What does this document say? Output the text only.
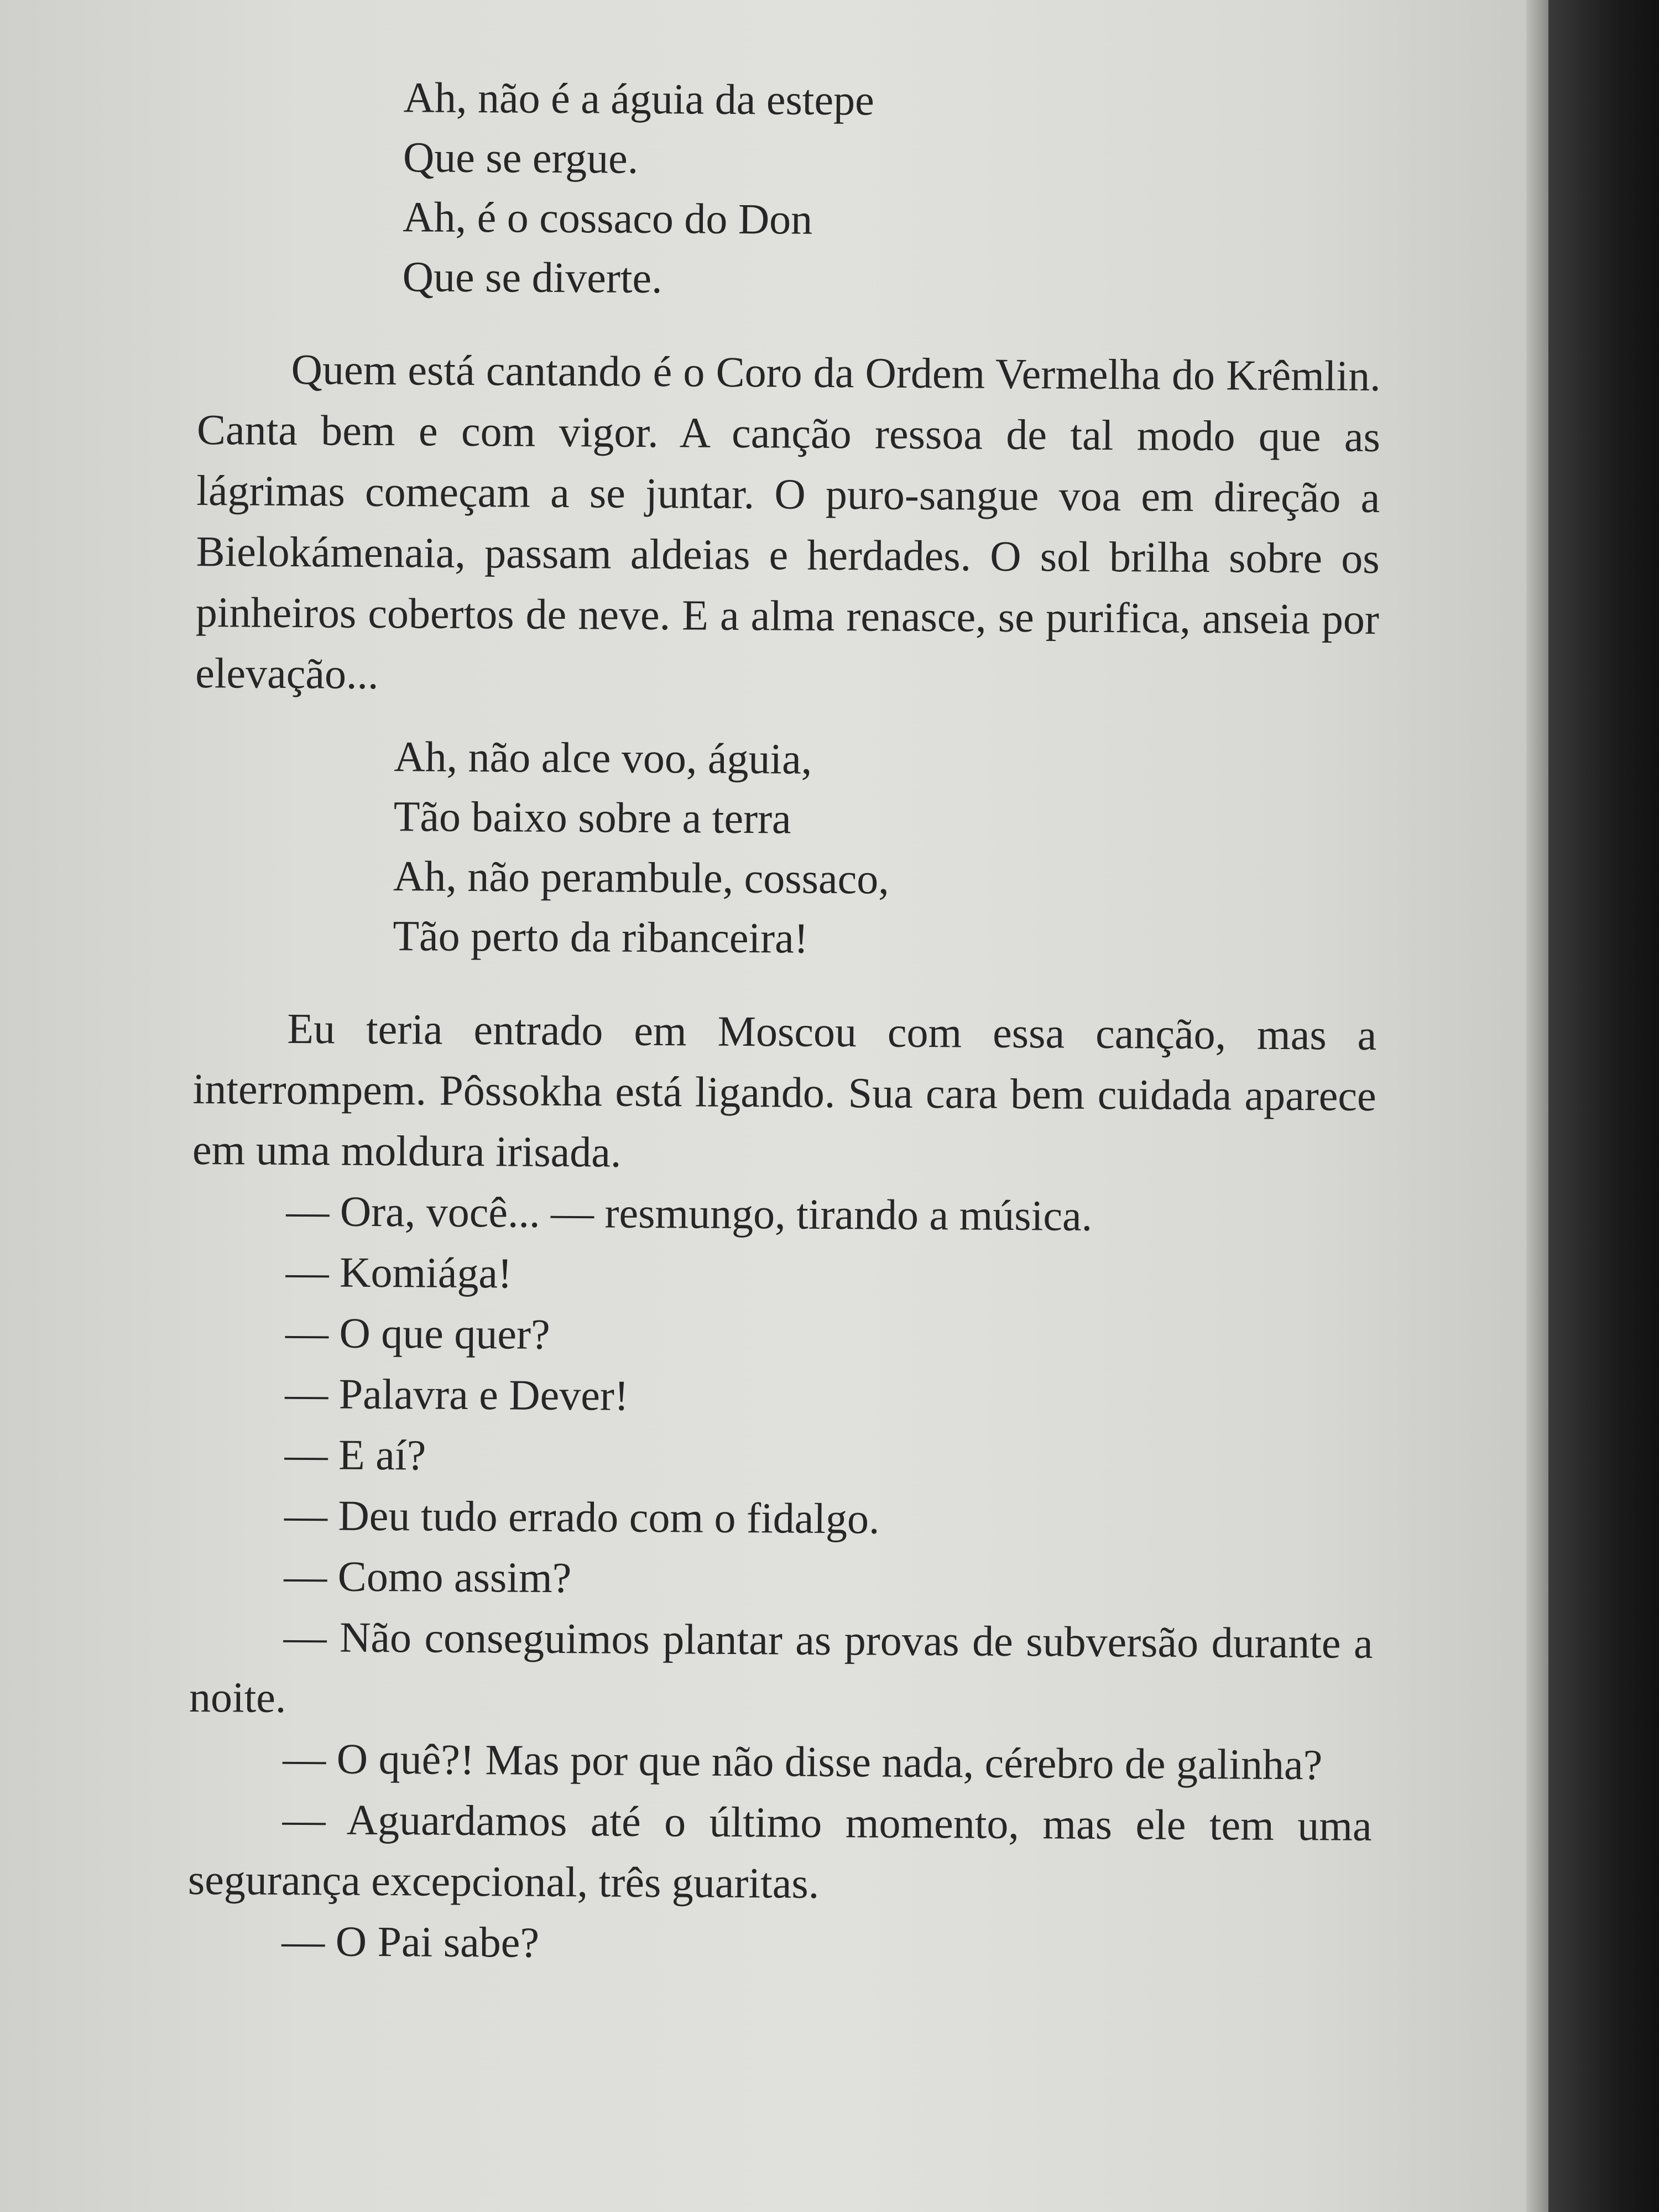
Ah, não é a águia da estepe
Que se ergue.
Ah, é o cossaco do Don
Que se diverte.

Quem está cantando é o Coro da Ordem Vermelha do Krêmlin. Canta bem e com vigor. A canção ressoa de tal modo que as lágrimas começam a se juntar. O puro-sangue voa em direção a Bielokámenaia, passam aldeias e herdades. O sol brilha sobre os pinheiros cobertos de neve. E a alma renasce, se purifica, anseia por elevação...

Ah, não alce voo, águia,
Tão baixo sobre a terra
Ah, não perambule, cossaco,
Tão perto da ribanceira!

Eu teria entrado em Moscou com essa canção, mas a interrompem. Pôssokha está ligando. Sua cara bem cuidada aparece em uma moldura irisada.

— Ora, você... — resmungo, tirando a música.

— Komiága!

— O que quer?

— Palavra e Dever!

— E aí?

— Deu tudo errado com o fidalgo.

— Como assim?

— Não conseguimos plantar as provas de subversão durante a noite.

— O quê?! Mas por que não disse nada, cérebro de galinha?

— Aguardamos até o último momento, mas ele tem uma segurança excepcional, três guaritas.

— O Pai sabe?
